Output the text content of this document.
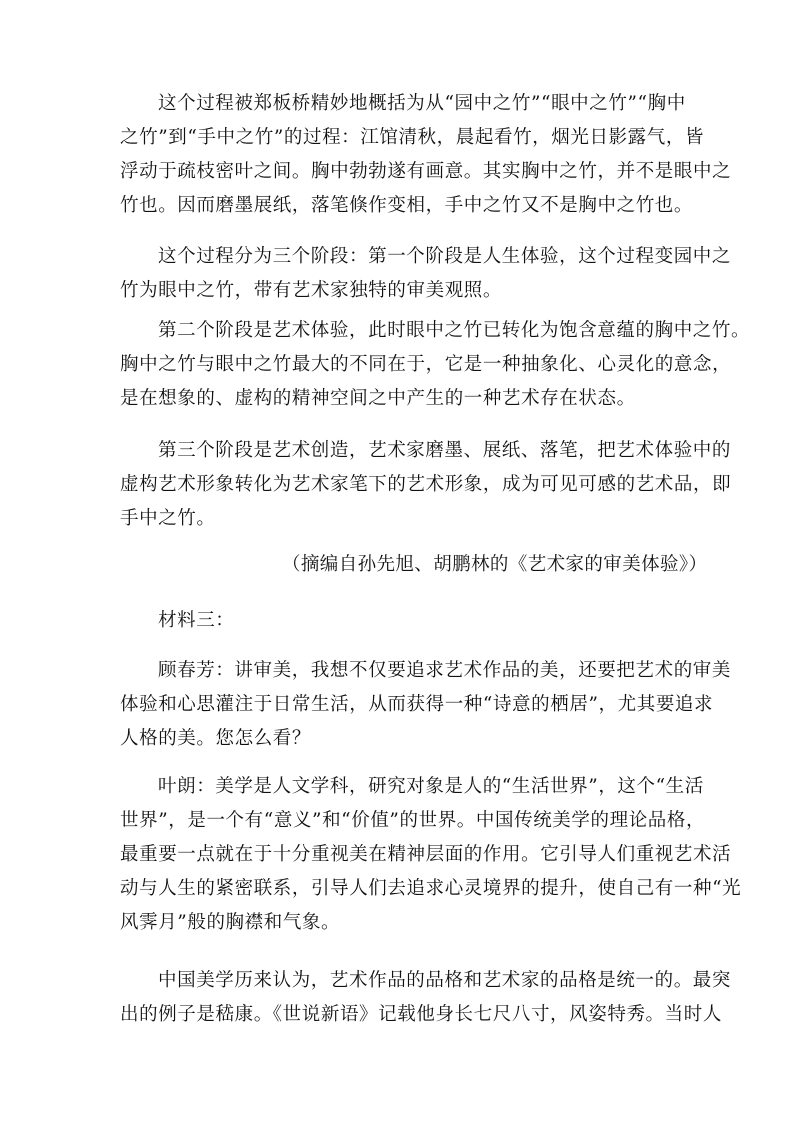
这个过程被郑板桥精妙地概括为从“园中之竹”“眼中之竹”“胸中
之竹”到“手中之竹”的过程：江馆清秋，晨起看竹，烟光日影露气，皆
浮动于疏枝密叶之间。胸中勃勃遂有画意。其实胸中之竹，并不是眼中之
竹也。因而磨墨展纸，落笔倏作变相，手中之竹又不是胸中之竹也。
这个过程分为三个阶段：第一个阶段是人生体验，这个过程变园中之
竹为眼中之竹，带有艺术家独特的审美观照。
第二个阶段是艺术体验，此时眼中之竹已转化为饱含意蕴的胸中之竹。
胸中之竹与眼中之竹最大的不同在于，它是一种抽象化、心灵化的意念，
是在想象的、虚构的精神空间之中产生的一种艺术存在状态。
第三个阶段是艺术创造，艺术家磨墨、展纸、落笔，把艺术体验中的
虚构艺术形象转化为艺术家笔下的艺术形象，成为可见可感的艺术品，即
手中之竹。
（摘编自孙先旭、胡鹏林的《艺术家的审美体验》）
材料三：
顾春芳：讲审美，我想不仅要追求艺术作品的美，还要把艺术的审美
体验和心思灌注于日常生活，从而获得一种“诗意的栖居”，尤其要追求
人格的美。您怎么看？
叶朗：美学是人文学科，研究对象是人的“生活世界”，这个“生活
世界”，是一个有“意义”和“价值”的世界。中国传统美学的理论品格，
最重要一点就在于十分重视美在精神层面的作用。它引导人们重视艺术活
动与人生的紧密联系，引导人们去追求心灵境界的提升，使自己有一种“光
风霁月”般的胸襟和气象。
中国美学历来认为，艺术作品的品格和艺术家的品格是统一的。最突
出的例子是嵇康。《世说新语》记载他身长七尺八寸，风姿特秀。当时人
